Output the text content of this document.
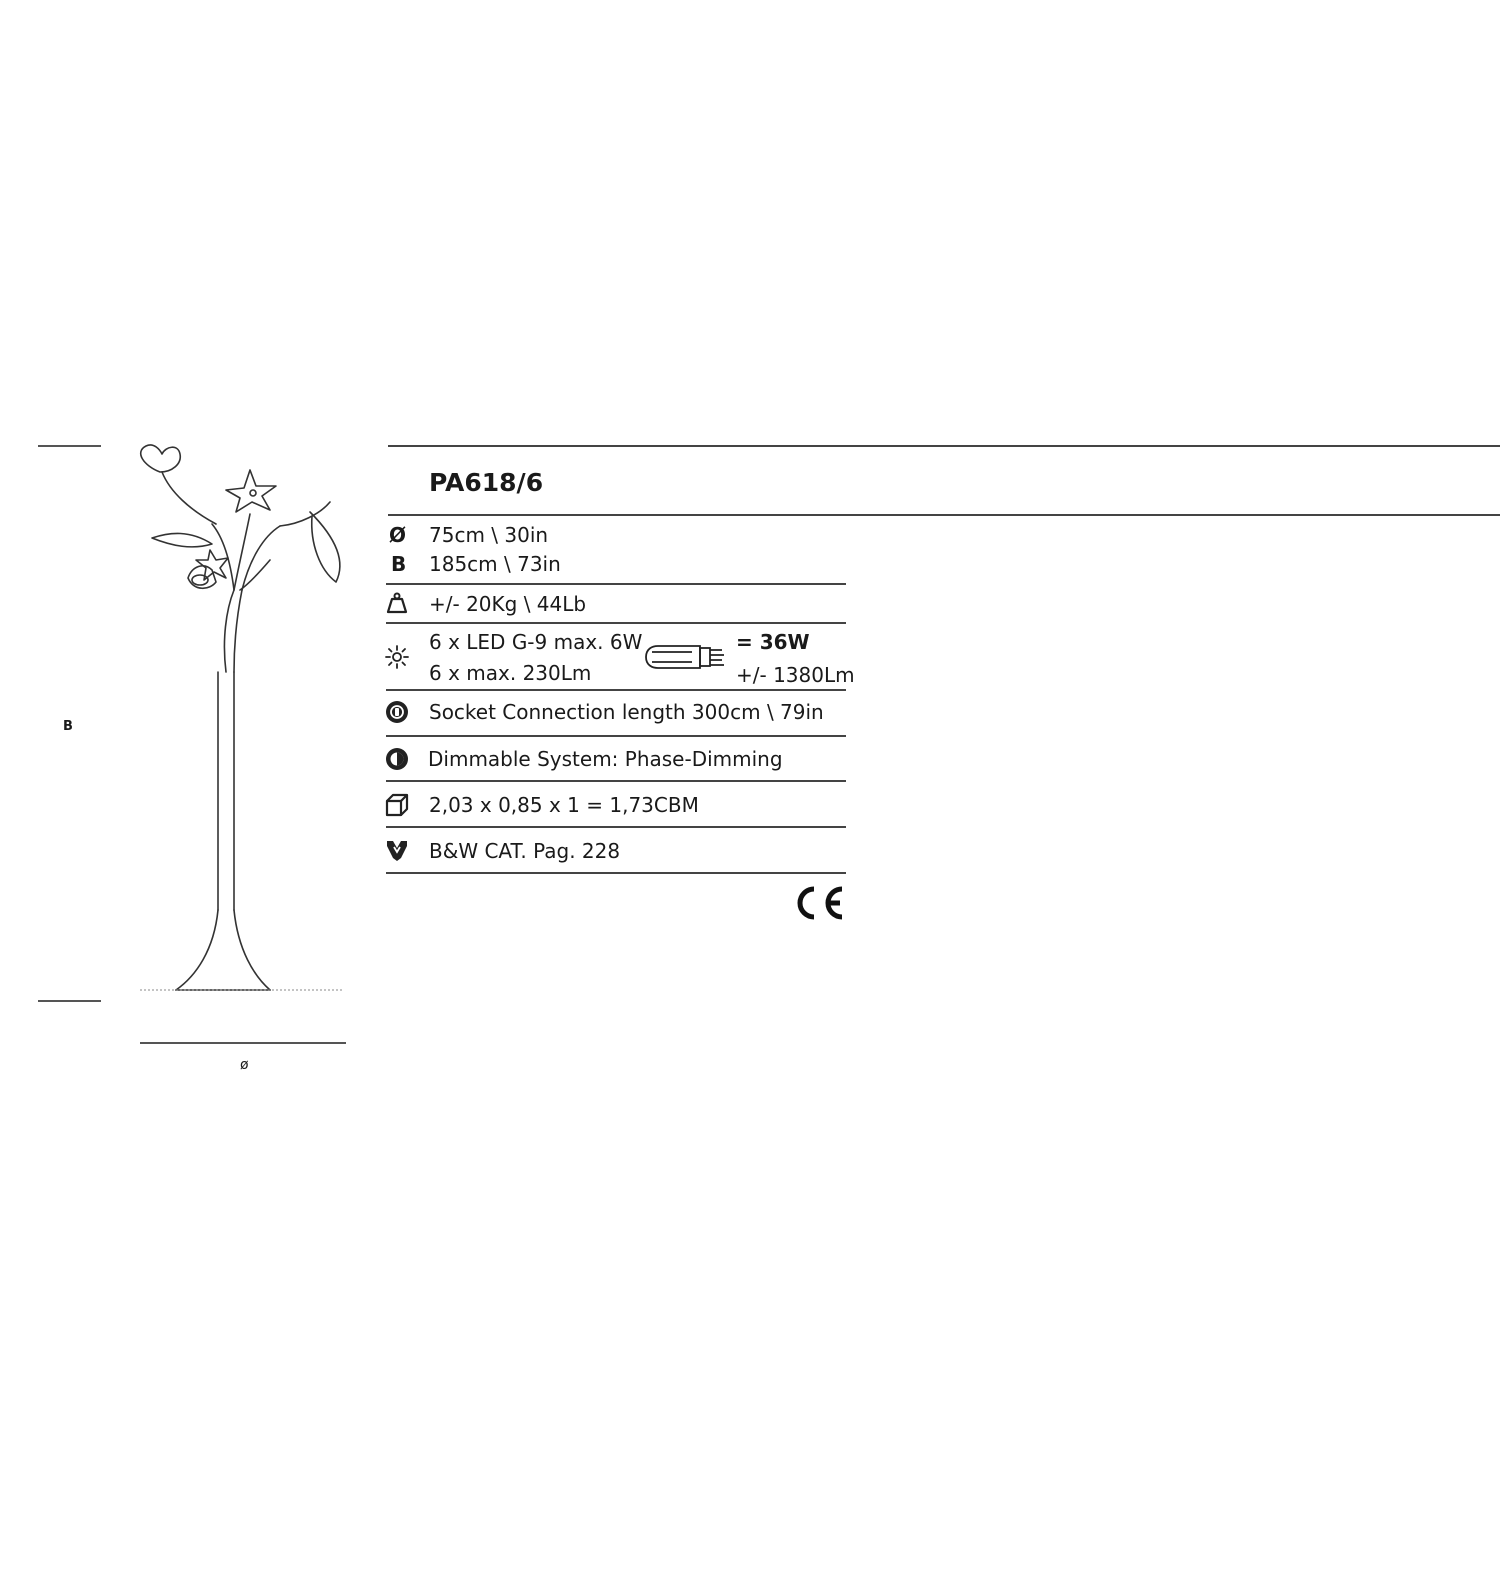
B
ø
PA618/6
Ø 75cm \ 30in
B 185cm \ 73in
+/- 20Kg \ 44Lb
6 x LED G-9 max. 6W
6 x max. 230Lm
= 36W
+/- 1380Lm
Socket Connection length 300cm \ 79in
Dimmable System: Phase-Dimming
2,03 x 0,85 x 1 = 1,73CBM
B&W CAT. Pag. 228
